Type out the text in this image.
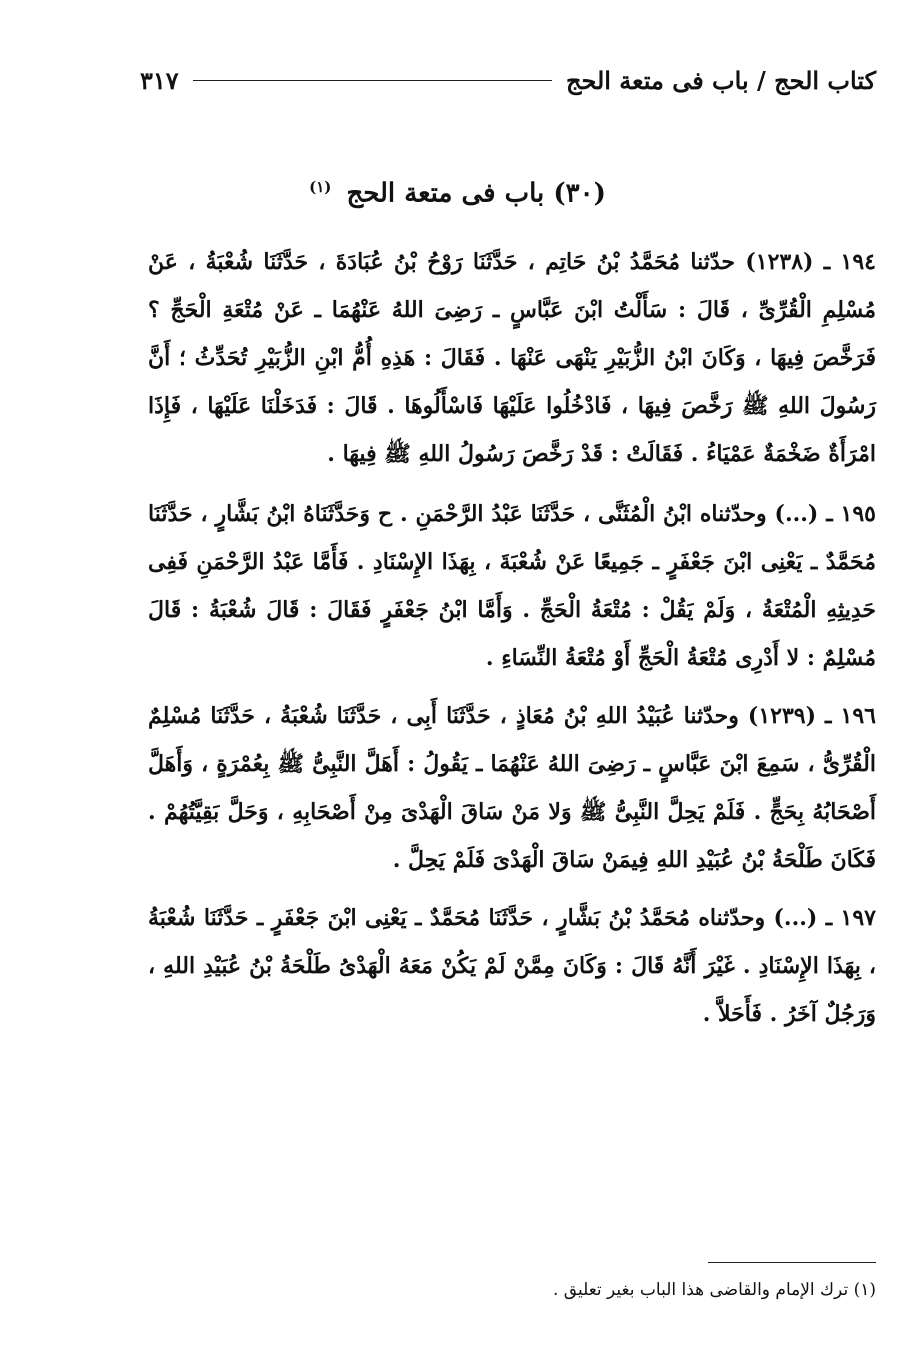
كتاب الحج / باب فى متعة الحج
٣١٧
(٣٠) باب فى متعة الحج $^{(١)}$

١٩٤ ـ (١٢٣٨) حدّثنا مُحَمَّدُ بْنُ حَاتِم ، حَدَّثَنَا رَوْحُ بْنُ عُبَادَةَ ، حَدَّثَنَا شُعْبَةُ ، عَنْ مُسْلِمِ الْقُرِّىِّ ، قَالَ : سَأَلْتُ ابْنَ عَبَّاسٍ ـ رَضِىَ اللهُ عَنْهُمَا ـ عَنْ مُتْعَةِ الْحَجِّ ؟ فَرَخَّصَ فِيهَا ، وَكَانَ ابْنُ الزُّبَيْرِ يَنْهَى عَنْهَا . فَقَالَ : هَذِهِ أُمُّ ابْنِ الزُّبَيْرِ تُحَدِّثُ ؛ أَنَّ رَسُولَ اللهِ ﷺ رَخَّصَ فِيهَا ، فَادْخُلُوا عَلَيْهَا فَاسْأَلُوهَا . قَالَ : فَدَخَلْنَا عَلَيْهَا ، فَإِذَا امْرَأَةٌ ضَخْمَةٌ عَمْيَاءُ . فَقَالَتْ : قَدْ رَخَّصَ رَسُولُ اللهِ ﷺ فِيهَا .

١٩٥ ـ (...) وحدّثناه ابْنُ الْمُثَنَّى ، حَدَّثَنَا عَبْدُ الرَّحْمَنِ . ح وَحَدَّثَنَاهُ ابْنُ بَشَّارٍ ، حَدَّثَنَا مُحَمَّدٌ ـ يَعْنِى ابْنَ جَعْفَرٍ ـ جَمِيعًا عَنْ شُعْبَةَ ، بِهَذَا الإِسْنَادِ . فَأَمَّا عَبْدُ الرَّحْمَنِ فَفِى حَدِيثِهِ الْمُتْعَةُ ، وَلَمْ يَقُلْ : مُتْعَةُ الْحَجِّ . وَأَمَّا ابْنُ جَعْفَرٍ فَقَالَ : قَالَ شُعْبَةُ : قَالَ مُسْلِمٌ : لا أَدْرِى مُتْعَةُ الْحَجِّ أَوْ مُتْعَةُ النِّسَاءِ .

١٩٦ ـ (١٢٣٩) وحدّثنا عُبَيْدُ اللهِ بْنُ مُعَاذٍ ، حَدَّثَنَا أَبِى ، حَدَّثَنَا شُعْبَةُ ، حَدَّثَنَا مُسْلِمٌ الْقُرِّىُّ ، سَمِعَ ابْنَ عَبَّاسٍ ـ رَضِىَ اللهُ عَنْهُمَا ـ يَقُولُ : أَهَلَّ النَّبِىُّ ﷺ بِعُمْرَةٍ ، وَأَهَلَّ أَصْحَابُهُ بِحَجٍّ . فَلَمْ يَحِلَّ النَّبِىُّ ﷺ وَلا مَنْ سَاقَ الْهَدْىَ مِنْ أَصْحَابِهِ ، وَحَلَّ بَقِيَّتُهُمْ . فَكَانَ طَلْحَةُ بْنُ عُبَيْدِ اللهِ فِيمَنْ سَاقَ الْهَدْىَ فَلَمْ يَحِلَّ .

١٩٧ ـ (...) وحدّثناه مُحَمَّدُ بْنُ بَشَّارٍ ، حَدَّثَنَا مُحَمَّدٌ ـ يَعْنِى ابْنَ جَعْفَرٍ ـ حَدَّثَنَا شُعْبَةُ ، بِهَذَا الإِسْنَادِ . غَيْرَ أَنَّهُ قَالَ : وَكَانَ مِمَّنْ لَمْ يَكُنْ مَعَهُ الْهَدْىُ طَلْحَةُ بْنُ عُبَيْدِ اللهِ ، وَرَجُلٌ آخَرُ . فَأَحَلاَّ .

(١) ترك الإمام والقاضى هذا الباب بغير تعليق .
